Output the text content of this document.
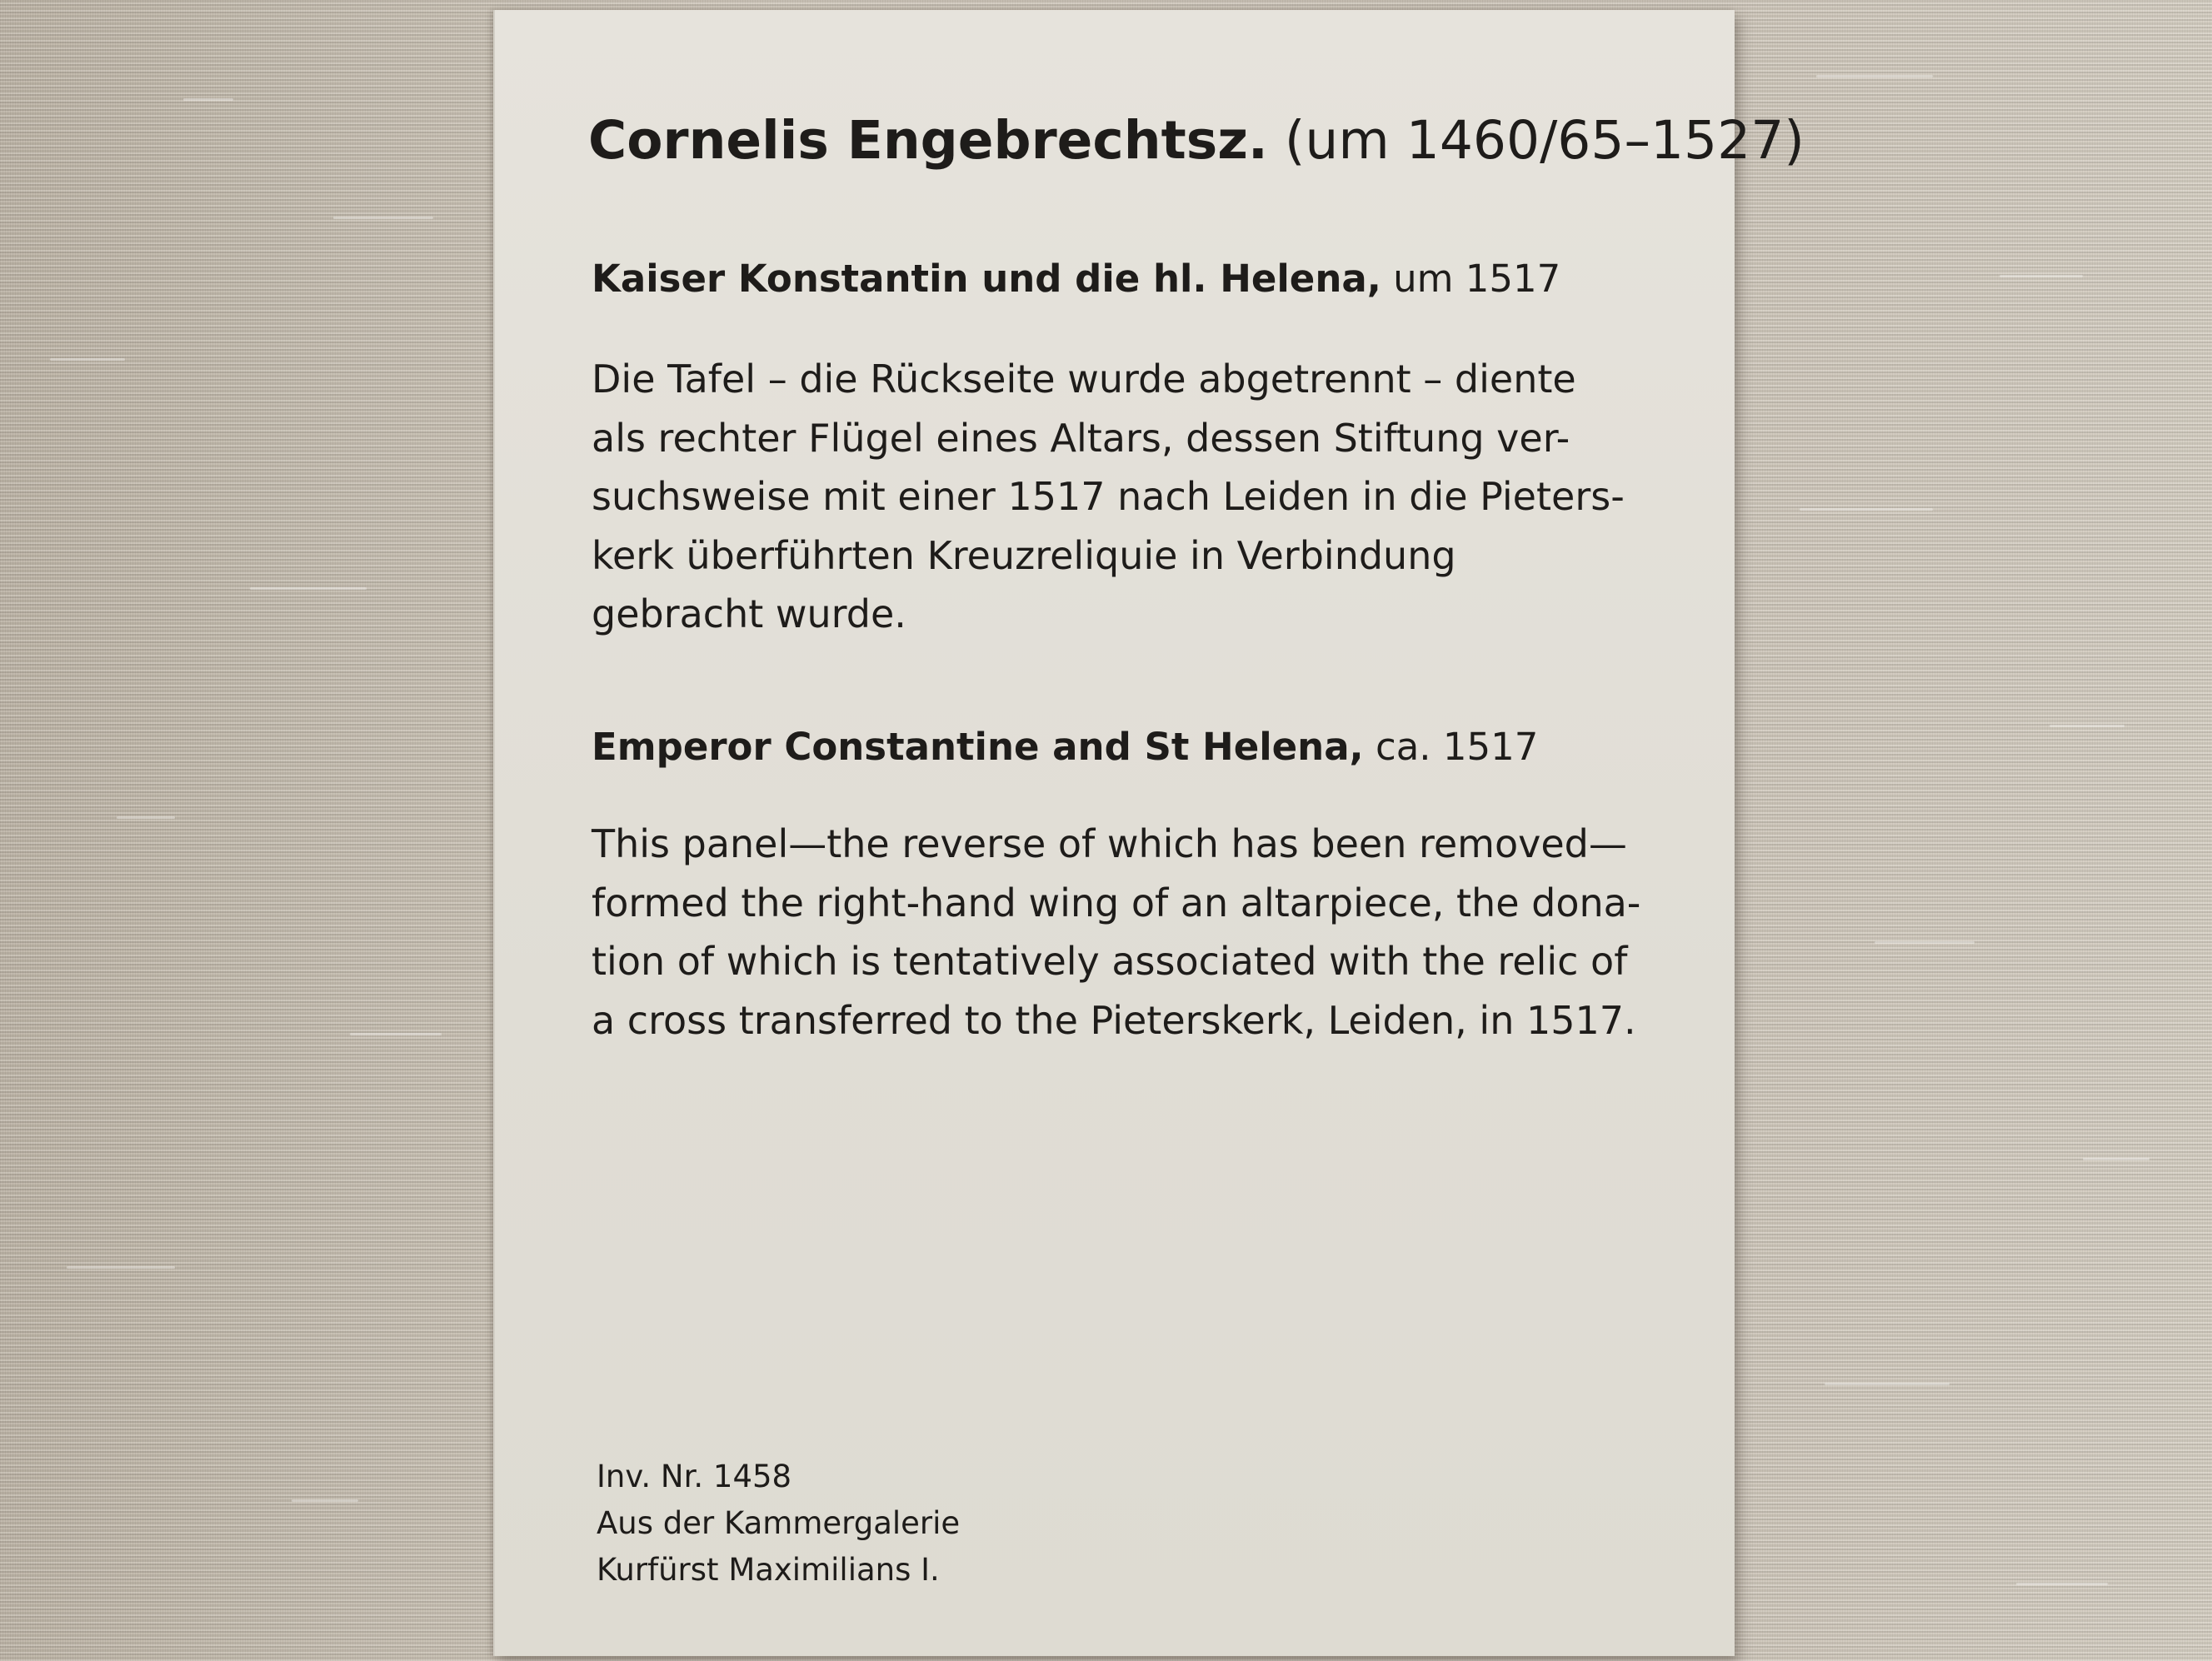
Cornelis Engebrechtsz. (um 1460/65–1527)
Kaiser Konstantin und die hl. Helena, um 1517
Die Tafel – die Rückseite wurde abgetrennt – diente
als rechter Flügel eines Altars, dessen Stiftung ver-
suchsweise mit einer 1517 nach Leiden in die Pieters-
kerk überführten Kreuzreliquie in Verbindung
gebracht wurde.
Emperor Constantine and St Helena, ca. 1517
This panel—the reverse of which has been removed—
formed the right-hand wing of an altarpiece, the dona-
tion of which is tentatively associated with the relic of
a cross transferred to the Pieterskerk, Leiden, in 1517.
Inv. Nr. 1458
Aus der Kammergalerie
Kurfürst Maximilians I.
